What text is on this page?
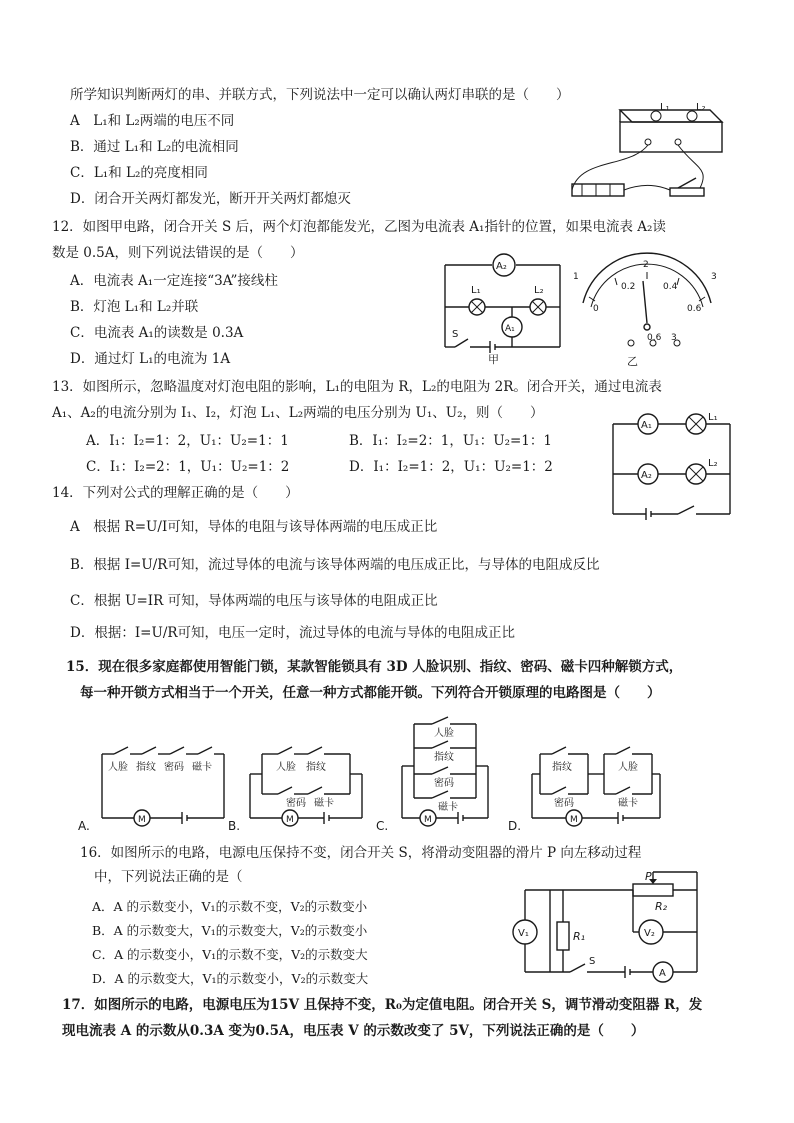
所学知识判断两灯的串、并联方式，下列说法中一定可以确认两灯串联的是（　　）
A　L₁和 L₂两端的电压不同
B．通过 L₁和 L₂的电流相同
C．L₁和 L₂的亮度相同
D．闭合开关两灯都发光，断开开关两灯都熄灭
L₁	L₂
12．如图甲电路，闭合开关 S 后，两个灯泡都能发光，乙图为电流表 A₁指针的位置，如果电流表 A₂读
数是 0.5A，则下列说法错误的是（　　）
A．电流表 A₁一定连接“3A”接线柱
B．灯泡 L₁和 L₂并联
C．电流表 A₁的读数是 0.3A
D．通过灯 L₁的电流为 1A
A₂
L₁	L₂
A₁
S
甲
1
2
3
0
0.2	0.4
0.6
0.6 3
乙
13．如图所示，忽略温度对灯泡电阻的影响，L₁的电阻为 R，L₂的电阻为 2R。闭合开关，通过电流表
A₁、A₂的电流分别为 I₁、I₂，灯泡 L₁、L₂两端的电压分别为 U₁、U₂，则（　　）
A．I₁：I₂=1：2，U₁：U₂=1：1	B．I₁：I₂=2：1，U₁：U₂=1：1
C．I₁：I₂=2：1，U₁：U₂=1：2	D．I₁：I₂=1：2，U₁：U₂=1：2
A₁
L₁
A₂
L₂
14．下列对公式的理解正确的是（　　）
A　根据 R=U/I可知，导体的电阻与该导体两端的电压成正比
B．根据 I=U/R可知，流过导体的电流与该导体两端的电压成正比，与导体的电阻成反比
C．根据 U=IR 可知，导体两端的电压与该导体的电阻成正比
D．根据：I=U/R可知，电压一定时，流过导体的电流与导体的电阻成正比
15．现在很多家庭都使用智能门锁，某款智能锁具有 3D 人脸识别、指纹、密码、磁卡四种解锁方式，
每一种开锁方式相当于一个开关，任意一种方式都能开锁。下列符合开锁原理的电路图是（　　）
A.
人脸 指纹 密码 磁卡
M	B.
人脸 指纹
密码 磁卡
M	C.
人脸
指纹
密码
磁卡
M	D.
指纹
密码
人脸
磁卡
M
16．如图所示的电路，电源电压保持不变，闭合开关 S，将滑动变阻器的滑片 P 向左移动过程
中，下列说法正确的是（
A．A 的示数变小，V₁的示数不变，V₂的示数变小
B．A 的示数变大，V₁的示数变大，V₂的示数变小
C．A 的示数变小，V₁的示数不变，V₂的示数变大
D．A 的示数变大，V₁的示数变小，V₂的示数变大
S
A
P
R₂
R₁
V₁	V₂
17．如图所示的电路，电源电压为15V 且保持不变，R₀为定值电阻。闭合开关 S，调节滑动变阻器 R，发
现电流表 A 的示数从0.3A 变为0.5A，电压表 V 的示数改变了 5V，下列说法正确的是（　　）
